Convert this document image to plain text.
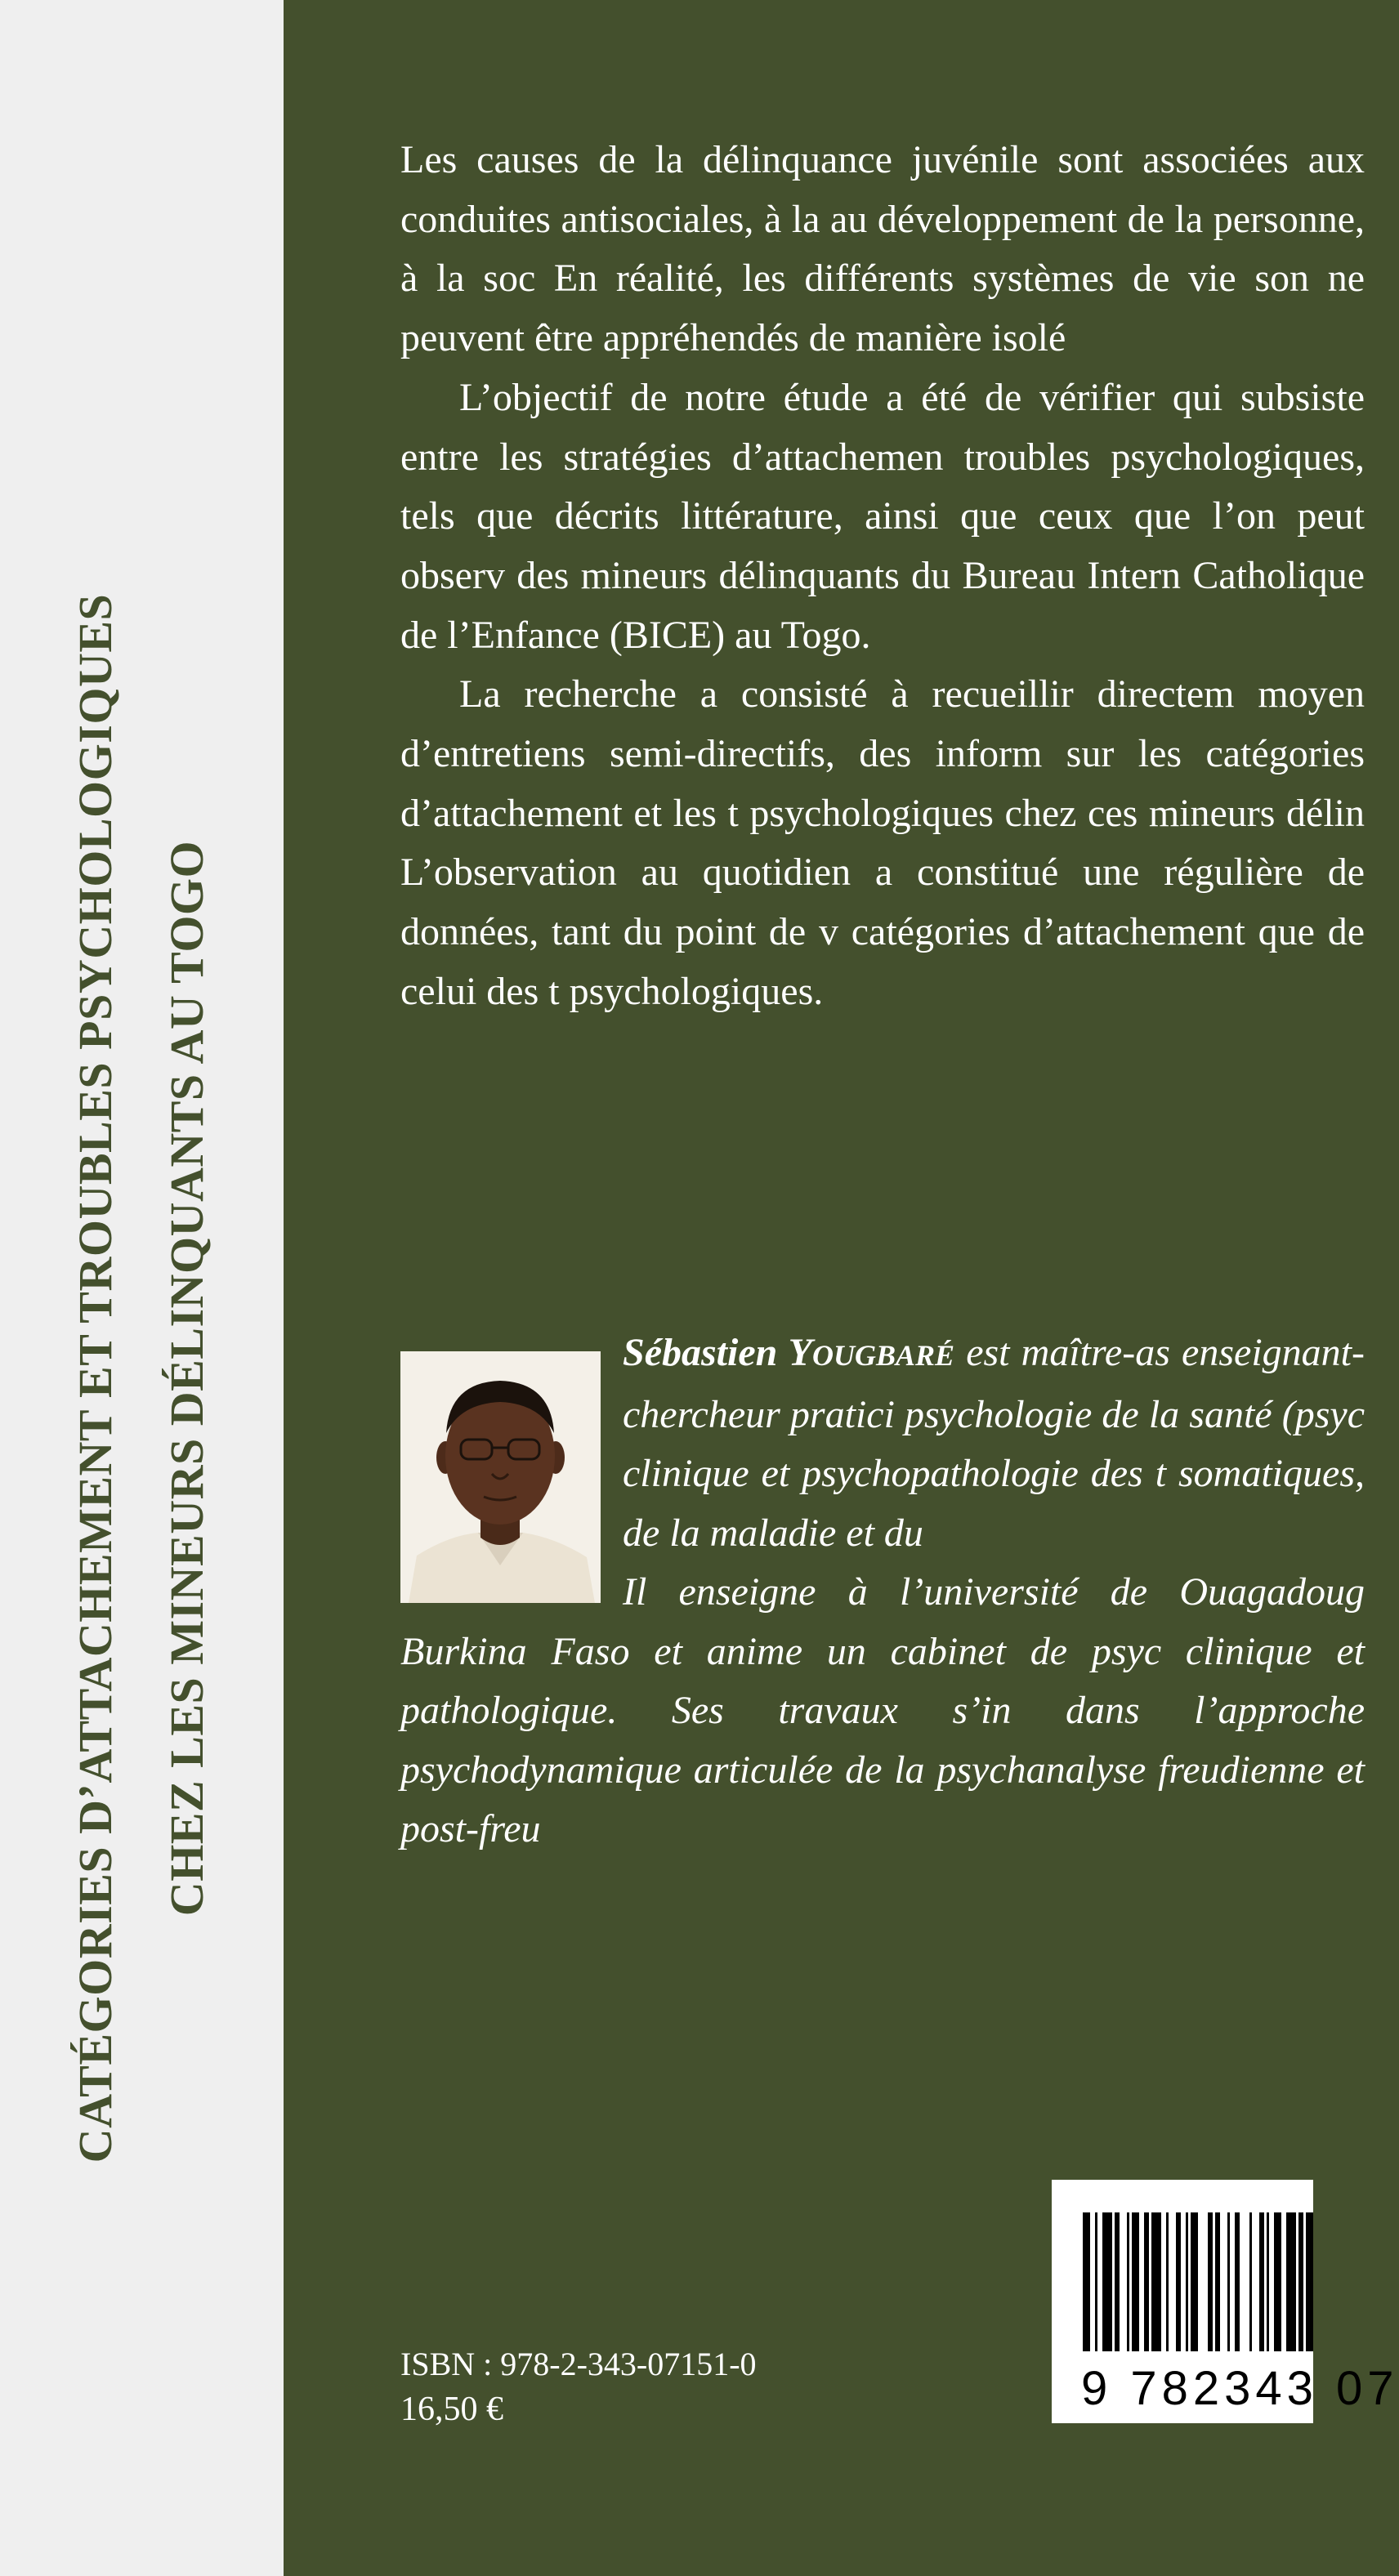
CATÉGORIES D’ATTACHEMENT ET TROUBLES PSYCHOLOGIQUES CHEZ LES MINEURS DÉLINQUANTS AU TOGO

Les causes de la délinquance juvénile sont associées aux conduites antisociales, à la au développement de la personne, à la soc En réalité, les différents systèmes de vie son ne peuvent être appréhendés de manière isolé

L’objectif de notre étude a été de vérifier qui subsiste entre les stratégies d’attachemen troubles psychologiques, tels que décrits littérature, ainsi que ceux que l’on peut observ des mineurs délinquants du Bureau Intern Catholique de l’Enfance (BICE) au Togo.

La recherche a consisté à recueillir directem moyen d’entretiens semi-directifs, des inform sur les catégories d’attachement et les t psychologiques chez ces mineurs délin L’observation au quotidien a constitué une régulière de données, tant du point de v catégories d’attachement que de celui des t psychologiques.

Sébastien YOUGBARÉ est maître-as enseignant-chercheur pratici psychologie de la santé (psyc clinique et psychopathologie des t somatiques, de la maladie et du

Il enseigne à l’université de Ouagadoug Burkina Faso et anime un cabinet de psyc clinique et pathologique. Ses travaux s’in dans l’approche psychodynamique articulée de la psychanalyse freudienne et post-freu

ISBN : 978-2-343-07151-0
16,50 €	9 782343 07
